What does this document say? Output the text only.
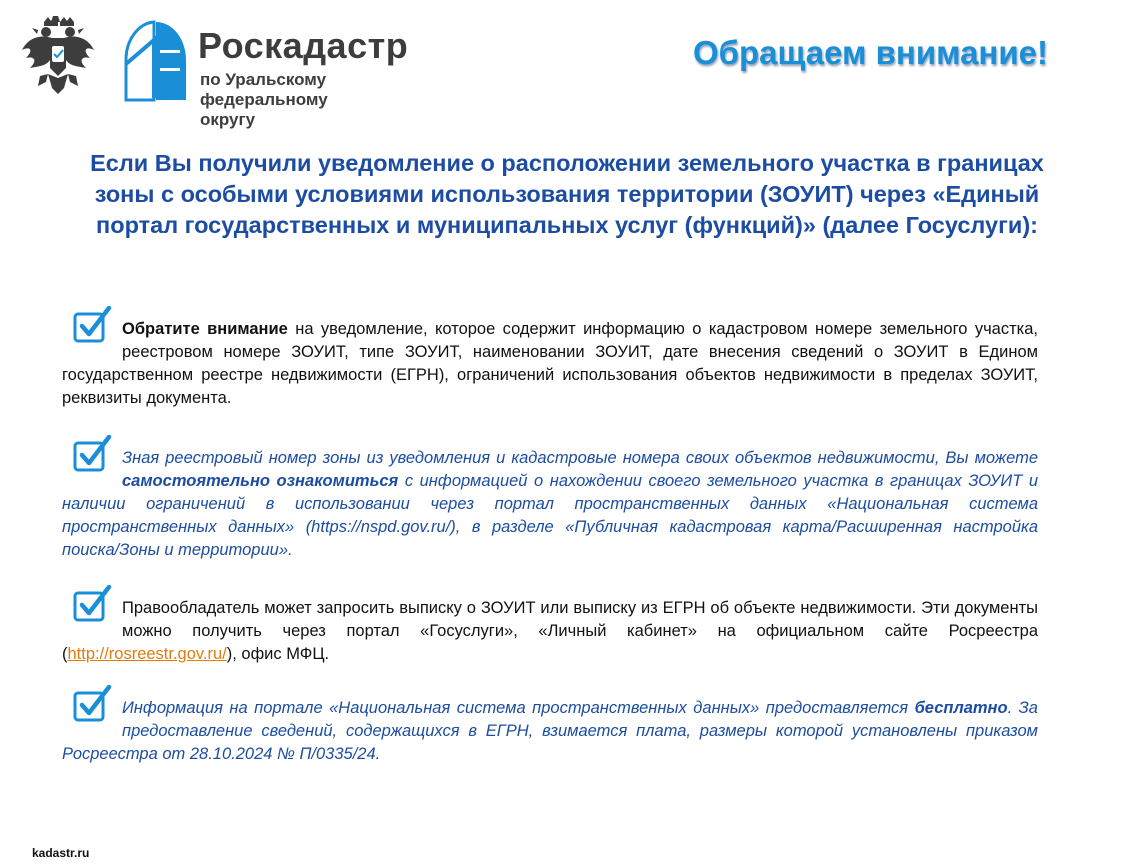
Роскадастр
по Уральскому
федеральному округу
Обращаем внимание!
Если Вы получили уведомление о расположении земельного участка в границах зоны с особыми условиями использования территории (ЗОУИТ) через «Единый портал государственных и муниципальных услуг (функций)» (далее Госуслуги):
Обратите внимание на уведомление, которое содержит информацию о кадастровом номере земельного участка, реестровом номере ЗОУИТ, типе ЗОУИТ, наименовании ЗОУИТ, дате внесения сведений о ЗОУИТ в Едином государственном реестре недвижимости (ЕГРН), ограничений использования объектов недвижимости в пределах ЗОУИТ, реквизиты документа.
Зная реестровый номер зоны из уведомления и кадастровые номера своих объектов недвижимости, Вы можете самостоятельно ознакомиться с информацией о нахождении своего земельного участка в границах ЗОУИТ и наличии ограничений в использовании через портал пространственных данных «Национальная система пространственных данных» (https://nspd.gov.ru/), в разделе «Публичная кадастровая карта/Расширенная настройка поиска/Зоны и территории».
Правообладатель может запросить выписку о ЗОУИТ или выписку из ЕГРН об объекте недвижимости. Эти документы можно получить через портал «Госуслуги», «Личный кабинет» на официальном сайте Росреестра (http://rosreestr.gov.ru/), офис МФЦ.
Информация на портале «Национальная система пространственных данных» предоставляется бесплатно. За предоставление сведений, содержащихся в ЕГРН, взимается плата, размеры которой установлены приказом Росреестра от 28.10.2024 № П/0335/24.
kadastr.ru
